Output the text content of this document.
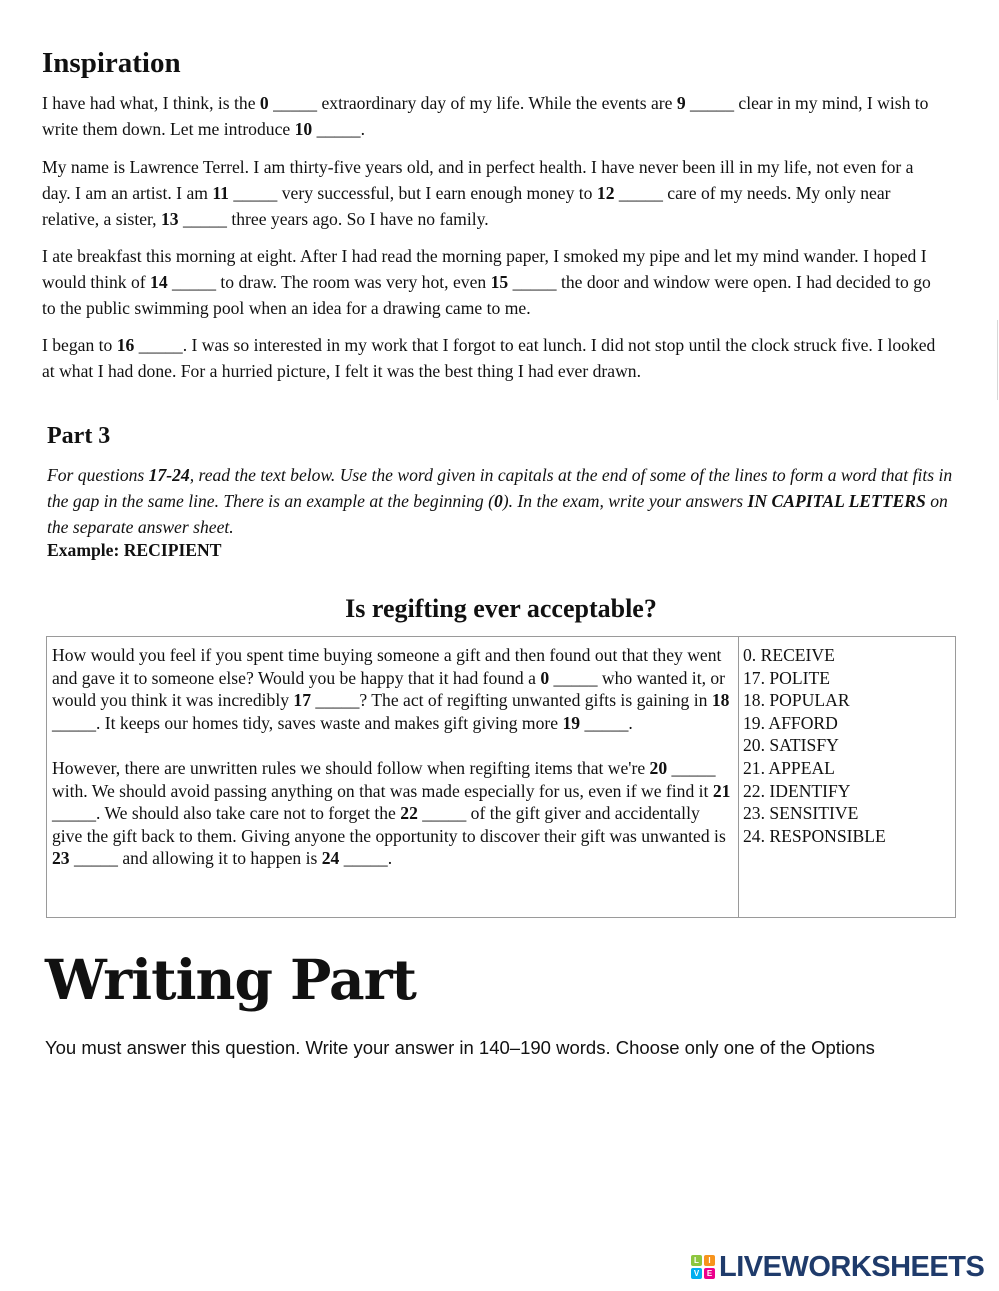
Inspiration

I have had what, I think, is the 0 _____ extraordinary day of my life. While the events are 9 _____ clear in my mind, I wish to write them down. Let me introduce 10 _____.

My name is Lawrence Terrel. I am thirty-five years old, and in perfect health. I have never been ill in my life, not even for a day. I am an artist. I am 11 _____ very successful, but I earn enough money to 12 _____ care of my needs. My only near relative, a sister, 13 _____ three years ago. So I have no family.

I ate breakfast this morning at eight. After I had read the morning paper, I smoked my pipe and let my mind wander. I hoped I would think of 14 _____ to draw. The room was very hot, even 15 _____ the door and window were open. I had decided to go to the public swimming pool when an idea for a drawing came to me.

I began to 16 _____. I was so interested in my work that I forgot to eat lunch. I did not stop until the clock struck five. I looked at what I had done. For a hurried picture, I felt it was the best thing I had ever drawn.

Part 3

For questions 17-24, read the text below. Use the word given in capitals at the end of some of the lines to form a word that fits in the gap in the same line. There is an example at the beginning (0). In the exam, write your answers IN CAPITAL LETTERS on the separate answer sheet.

Example: RECIPIENT

Is regifting ever acceptable?

How would you feel if you spent time buying someone a gift and then found out that they went and gave it to someone else? Would you be happy that it had found a 0 _____ who wanted it, or would you think it was incredibly 17 _____? The act of regifting unwanted gifts is gaining in 18 _____. It keeps our homes tidy, saves waste and makes gift giving more 19 _____.

However, there are unwritten rules we should follow when regifting items that we're 20 _____ with. We should avoid passing anything on that was made especially for us, even if we find it 21 _____. We should also take care not to forget the 22 _____ of the gift giver and accidentally give the gift back to them. Giving anyone the opportunity to discover their gift was unwanted is 23 _____ and allowing it to happen is 24 _____.

0. RECEIVE
17. POLITE
18. POPULAR
19. AFFORD
20. SATISFY
21. APPEAL
22. IDENTIFY
23. SENSITIVE
24. RESPONSIBLE
Writing Part

You must answer this question. Write your answer in 140–190 words. Choose only one of the Options

L	I
V E LIVEWORKSHEETS
